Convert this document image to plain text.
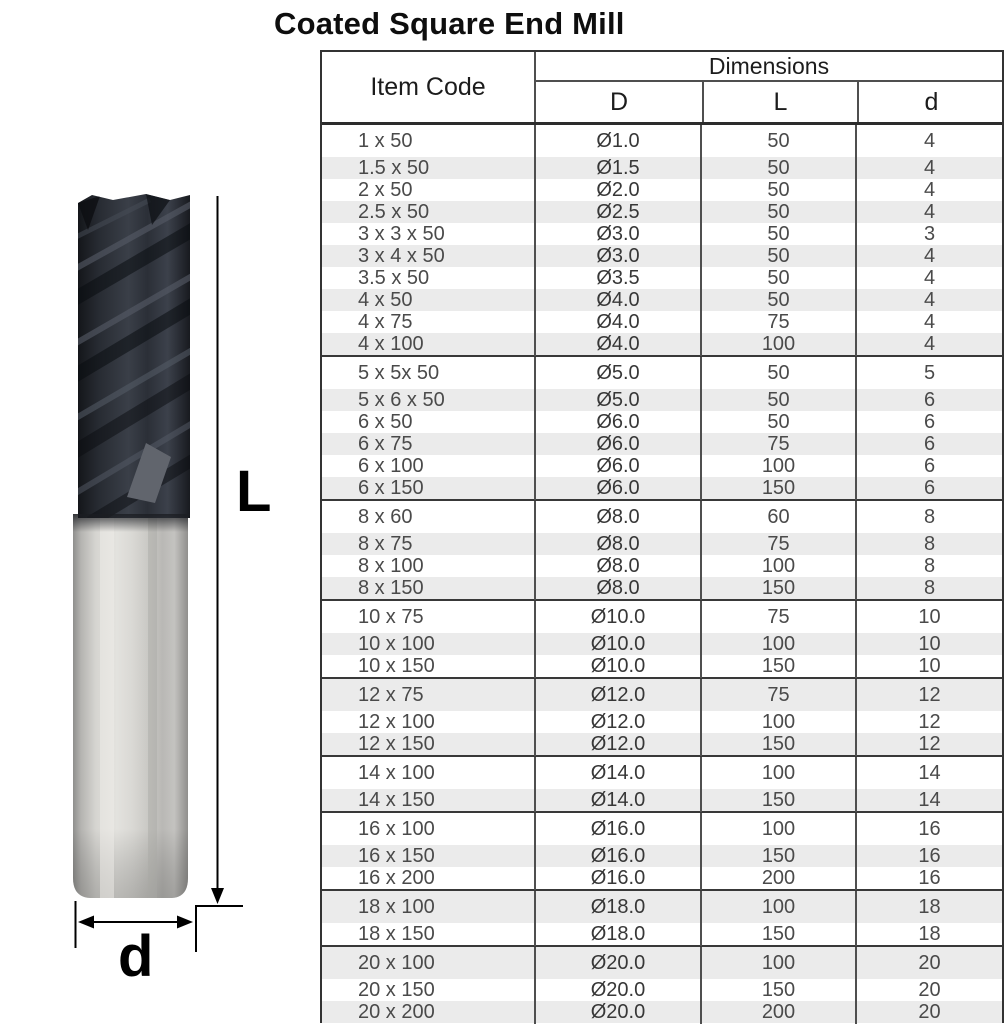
L
d
Coated Square End Mill
Item Code
Dimensions
D	L	d
1 x 50	Ø1.0	50	4
1.5 x 50	Ø1.5	50	4
2 x 50	Ø2.0	50	4
2.5 x 50	Ø2.5	50	4
3 x 3 x 50	Ø3.0	50	3
3 x 4 x 50	Ø3.0	50	4
3.5 x 50	Ø3.5	50	4
4 x 50	Ø4.0	50	4
4 x 75	Ø4.0	75	4
4 x 100	Ø4.0	100	4
5 x 5x 50	Ø5.0	50	5
5 x 6 x 50	Ø5.0	50	6
6 x 50	Ø6.0	50	6
6 x 75	Ø6.0	75	6
6 x 100	Ø6.0	100	6
6 x 150	Ø6.0	150	6
8 x 60	Ø8.0	60	8
8 x 75	Ø8.0	75	8
8 x 100	Ø8.0	100	8
8 x 150	Ø8.0	150	8
10 x 75	Ø10.0	75	10
10 x 100	Ø10.0	100	10
10 x 150	Ø10.0	150	10
12 x 75	Ø12.0	75	12
12 x 100	Ø12.0	100	12
12 x 150	Ø12.0	150	12
14 x 100	Ø14.0	100	14
14 x 150	Ø14.0	150	14
16 x 100	Ø16.0	100	16
16 x 150	Ø16.0	150	16
16 x 200	Ø16.0	200	16
18 x 100	Ø18.0	100	18
18 x 150	Ø18.0	150	18
20 x 100	Ø20.0	100	20
20 x 150	Ø20.0	150	20
20 x 200	Ø20.0	200	20
